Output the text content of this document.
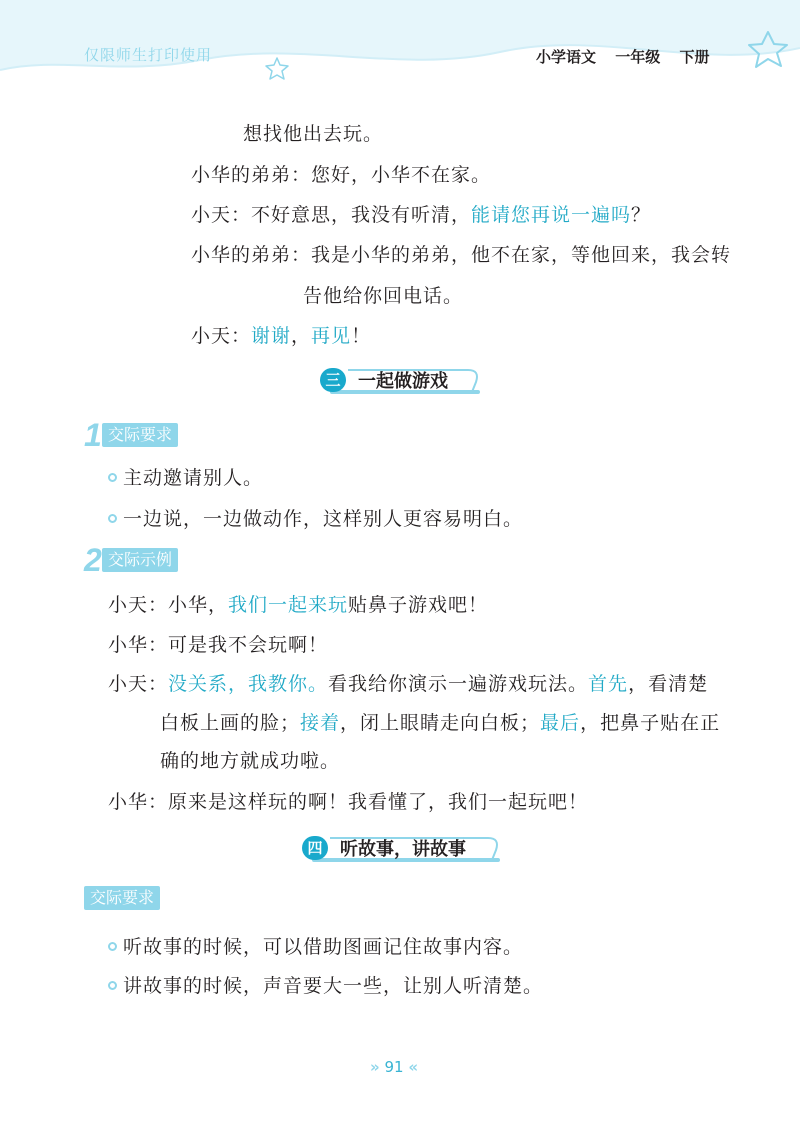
仅限师生打印使用	小学语文 一年级 下册
想找他出去玩。
小华的弟弟：您好，小华不在家。
小天：不好意思，我没有听清，能请您再说一遍吗？
小华的弟弟：我是小华的弟弟，他不在家，等他回来，我会转
告他给你回电话。
小天：谢谢，再见！
三 一起做游戏
1 交际要求
主动邀请别人。
一边说，一边做动作，这样别人更容易明白。
2 交际示例
小天：小华，我们一起来玩贴鼻子游戏吧！
小华：可是我不会玩啊！
小天：没关系，我教你。看我给你演示一遍游戏玩法。首先，看清楚
白板上画的脸；接着，闭上眼睛走向白板；最后，把鼻子贴在正
确的地方就成功啦。
小华：原来是这样玩的啊！我看懂了，我们一起玩吧！
四 听故事，讲故事
交际要求
听故事的时候，可以借助图画记住故事内容。
讲故事的时候，声音要大一些，让别人听清楚。
» 91 «
